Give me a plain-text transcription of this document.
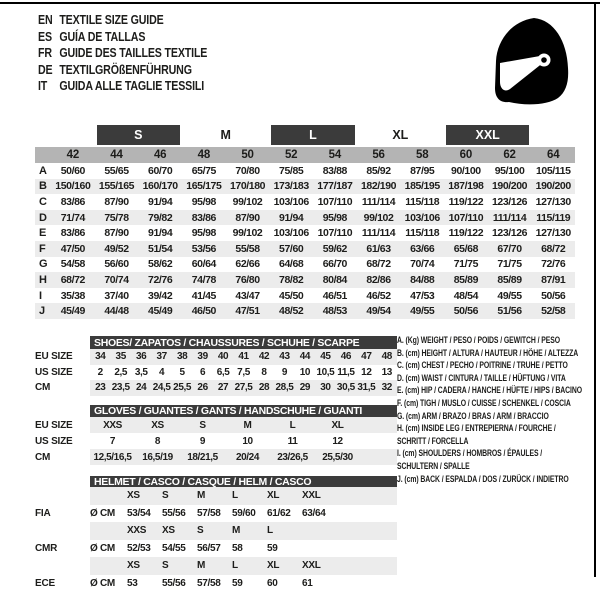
EN TEXTILE SIZE GUIDE
ES GUÍA DE TALLAS
FR GUIDE DES TAILLES TEXTILE
DE TEXTILGRÖßENFÜHRUNG
IT GUIDA ALLE TAGLIE TESSILI
S	M	L	XL	XXL
42	44	46	48	50	52	54	56	58	60	62	64
A	50/60	55/65	60/70	65/75	70/80	75/85	83/88	85/92	87/95	90/100	95/100	105/115
B 150/160 155/165 160/170 165/175 170/180 173/183 177/187 182/190 185/195 187/198 190/200 190/200
C	83/86	87/90	91/94	95/98	99/102	103/106 107/110 111/114 115/118 119/122 123/126 127/130
D	71/74	75/78	79/82	83/86	87/90	91/94	95/98	99/102	103/106 107/110 111/114 115/119
E	83/86	87/90	91/94	95/98	99/102	103/106 107/110 111/114 115/118 119/122 123/126 127/130
F	47/50	49/52	51/54	53/56	55/58	57/60	59/62	61/63	63/66	65/68	67/70	68/72
G	54/58	56/60	58/62	60/64	62/66	64/68	66/70	68/72	70/74	71/75	71/75	72/76
H	68/72	70/74	72/76	74/78	76/80	78/82	80/84	82/86	84/88	85/89	85/89	87/91
I	35/38	37/40	39/42	41/45	43/47	45/50	46/51	46/52	47/53	48/54	49/55	50/56
J	45/49	44/48	45/49	46/50	47/51	48/52	48/53	49/54	49/55	50/56	51/56	52/58
SHOES/ ZAPATOS / CHAUSSURES / SCHUHE / SCARPE
EU SIZE	34	35	36	37	38	39	40	41	42	43	44	45	46	47	48
US SIZE	2	2,5 3,5	4	5	6	6,5 7,5	8	9	10 10,5 11,5 12	13
CM	23 23,5 24 24,5 25,5 26	27 27,5 28 28,5 29	30 30,5 31,5 32
GLOVES / GUANTES / GANTS / HANDSCHUHE / GUANTI
EU SIZE	XXS	XS	S	M	L	XL
US SIZE	7	8	9	10	11	12
CM	12,5/16,5	16,5/19	18/21,5	20/24	23/26,5	25,5/30
HELMET / CASCO / CASQUE / HELM / CASCO
XS	S	M	L	XL	XXL
FIA	Ø CM	53/54	55/56	57/58	59/60	61/62	63/64
XXS	XS	S	M	L
CMR	Ø CM	52/53	54/55	56/57	58	59
XS	S	M	L	XL	XXL
ECE	Ø CM	53	55/56	57/58	59	60	61
A. (Kg) WEIGHT / PESO / POIDS / GEWITCH / PESO
B. (cm) HEIGHT / ALTURA / HAUTEUR / HÖHE / ALTEZZA
C. (cm) CHEST / PECHO / POITRINE / TRUHE / PETTO
D. (cm) WAIST / CINTURA / TAILLE / HÜFTUNG / VITA
E. (cm) HIP / CADERA / HANCHE / HÜFTE / HIPS / BACINO
F. (cm) TIGH / MUSLO / CUISSE / SCHENKEL / COSCIA
G. (cm) ARM / BRAZO / BRAS / ARM / BRACCIO
H. (cm) INSIDE LEG / ENTREPIERNA / FOURCHE /
SCHRITT / FORCELLA
I. (cm) SHOULDERS / HOMBROS / ÉPAULES /
SCHULTERN / SPALLE
J. (cm) BACK / ESPALDA / DOS / ZURÜCK / INDIETRO
